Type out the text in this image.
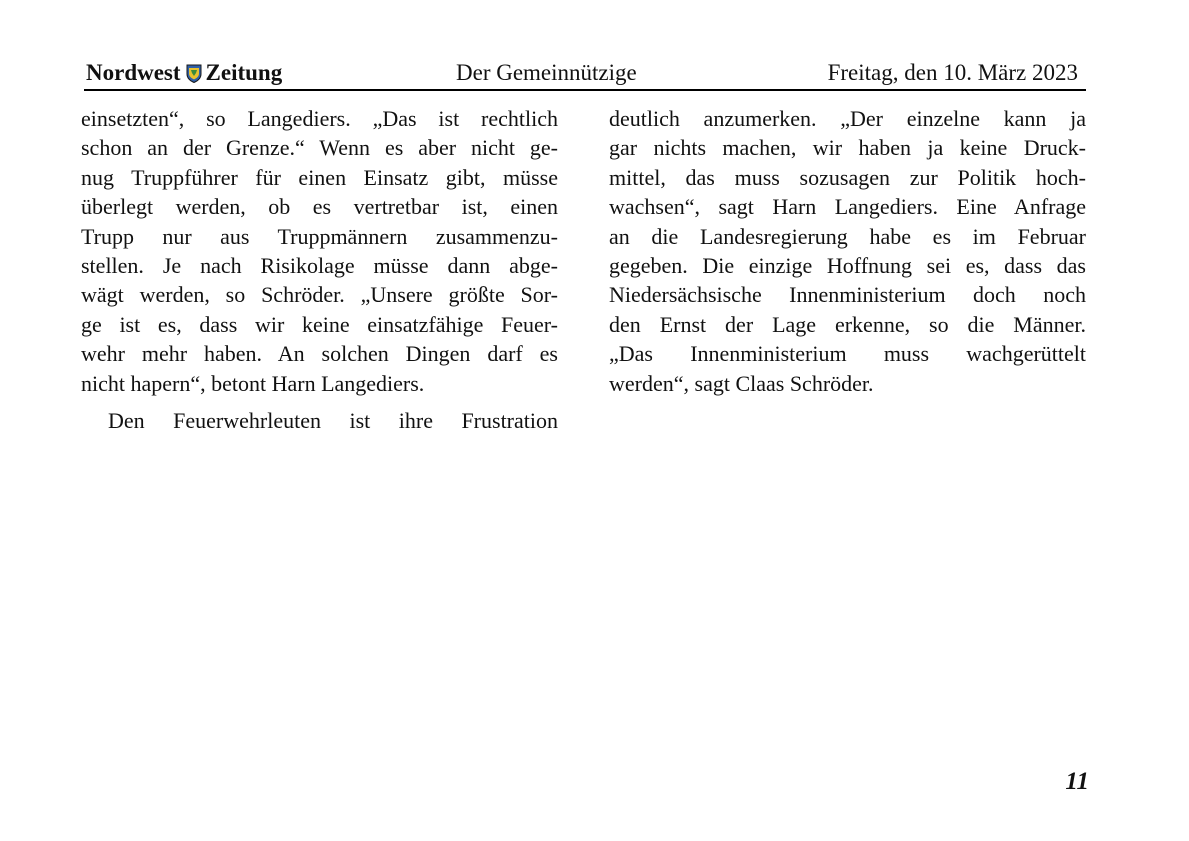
Nordwest Zeitung	Der Gemeinnützige	Freitag, den 10. März 2023
einsetzten“, so Langediers. „Das ist rechtlich
schon an der Grenze.“ Wenn es aber nicht ge-
nug Truppführer für einen Einsatz gibt, müsse
überlegt werden, ob es vertretbar ist, einen
Trupp nur aus Truppmännern zusammenzu-
stellen. Je nach Risikolage müsse dann abge-
wägt werden, so Schröder. „Unsere größte Sor-
ge ist es, dass wir keine einsatzfähige Feuer-
wehr mehr haben. An solchen Dingen darf es
nicht hapern“, betont Harn Langediers.
Den Feuerwehrleuten ist ihre Frustration
deutlich anzumerken. „Der einzelne kann ja
gar nichts machen, wir haben ja keine Druck-
mittel, das muss sozusagen zur Politik hoch-
wachsen“, sagt Harn Langediers. Eine Anfrage
an die Landesregierung habe es im Februar
gegeben. Die einzige Hoffnung sei es, dass das
Niedersächsische Innenministerium doch noch
den Ernst der Lage erkenne, so die Männer.
„Das Innenministerium muss wachgerüttelt
werden“, sagt Claas Schröder.
11
